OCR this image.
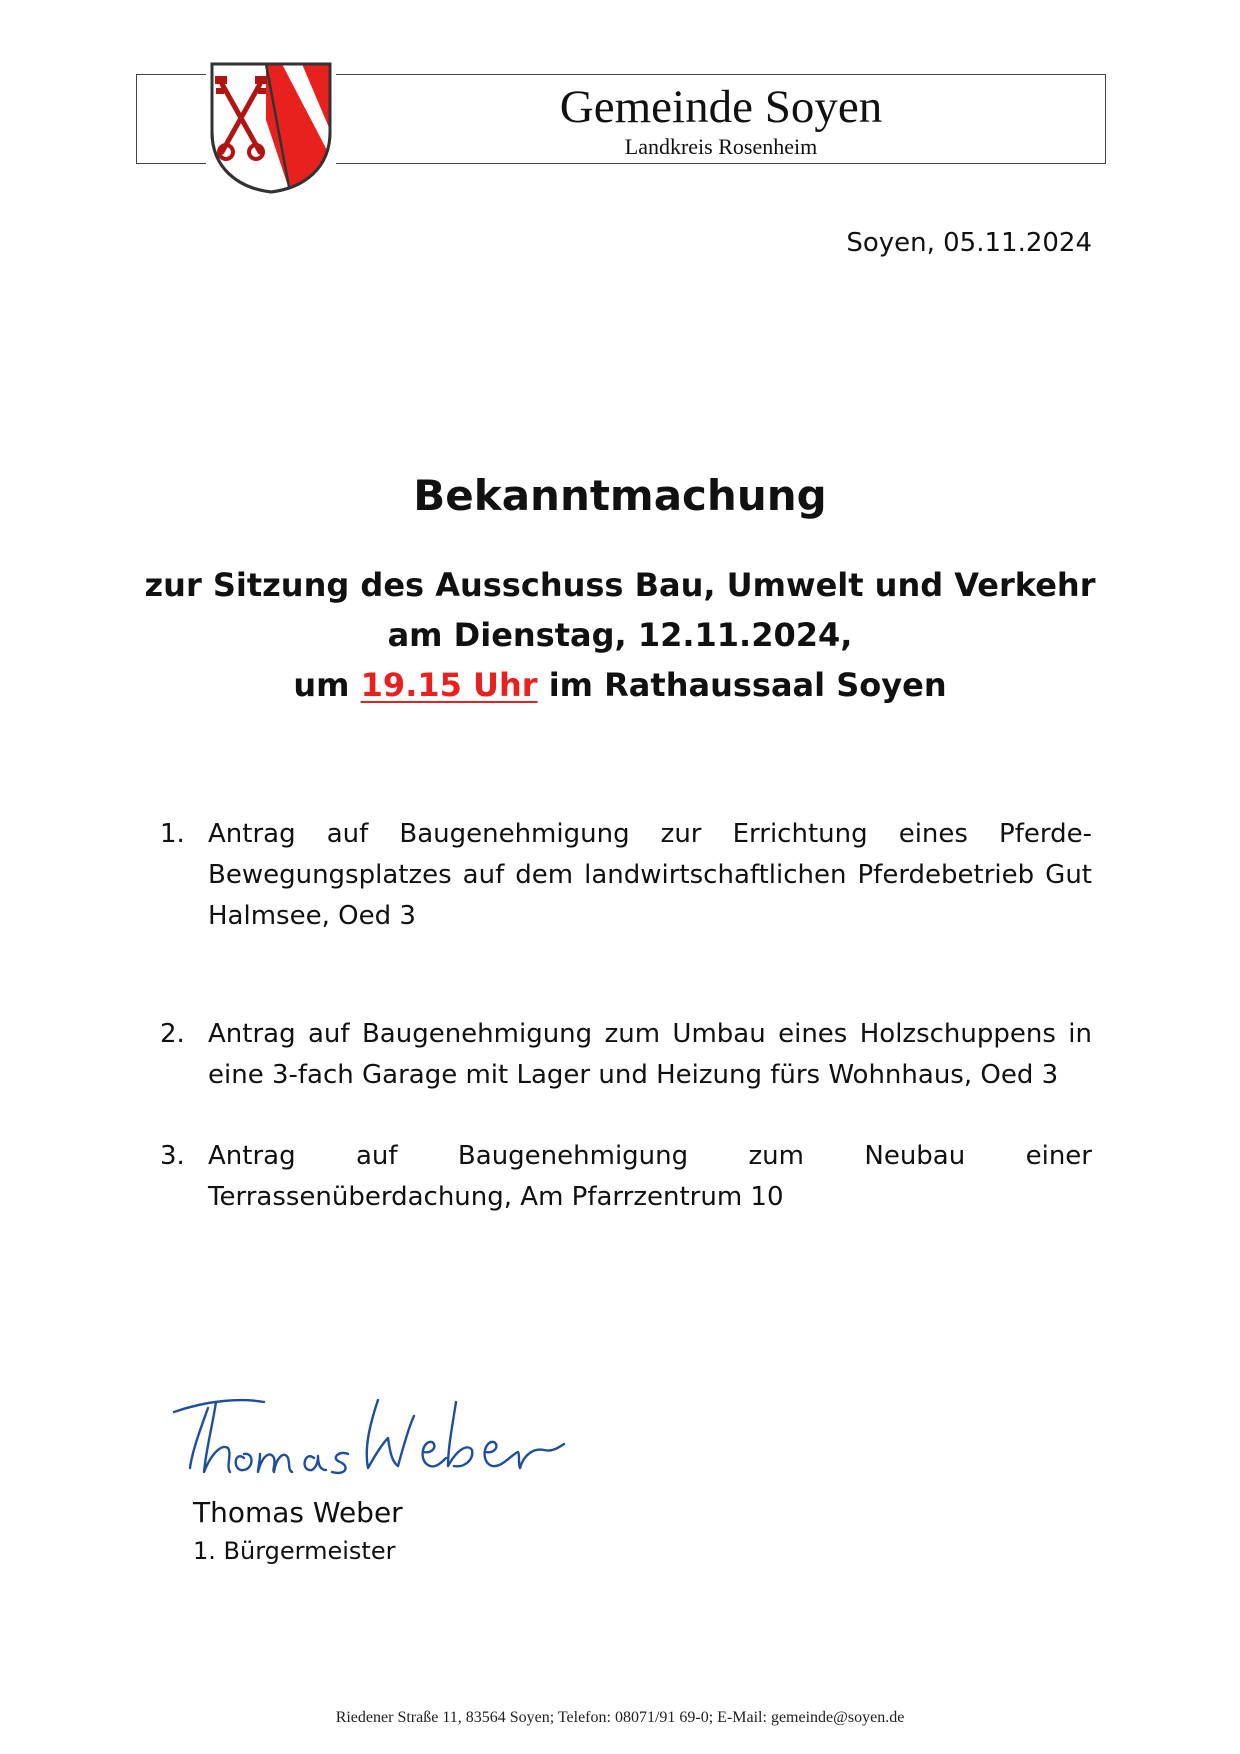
Gemeinde Soyen
Landkreis Rosenheim
Soyen, 05.11.2024
Bekanntmachung
zur Sitzung des Ausschuss Bau, Umwelt und Verkehr
am Dienstag, 12.11.2024,
um 19.15 Uhr im Rathaussaal Soyen
1. Antrag auf Baugenehmigung zur Errichtung eines Pferde-Bewegungsplatzes auf dem landwirtschaftlichen Pferdebetrieb Gut Halmsee, Oed 3
2. Antrag auf Baugenehmigung zum Umbau eines Holzschuppens in eine 3-fach Garage mit Lager und Heizung fürs Wohnhaus, Oed 3
3. Antrag auf Baugenehmigung zum Neubau einer Terrassenüberdachung, Am Pfarrzentrum 10
Thomas Weber
1. Bürgermeister
Riedener Straße 11, 83564 Soyen; Telefon: 08071/91 69-0; E-Mail: gemeinde@soyen.de
